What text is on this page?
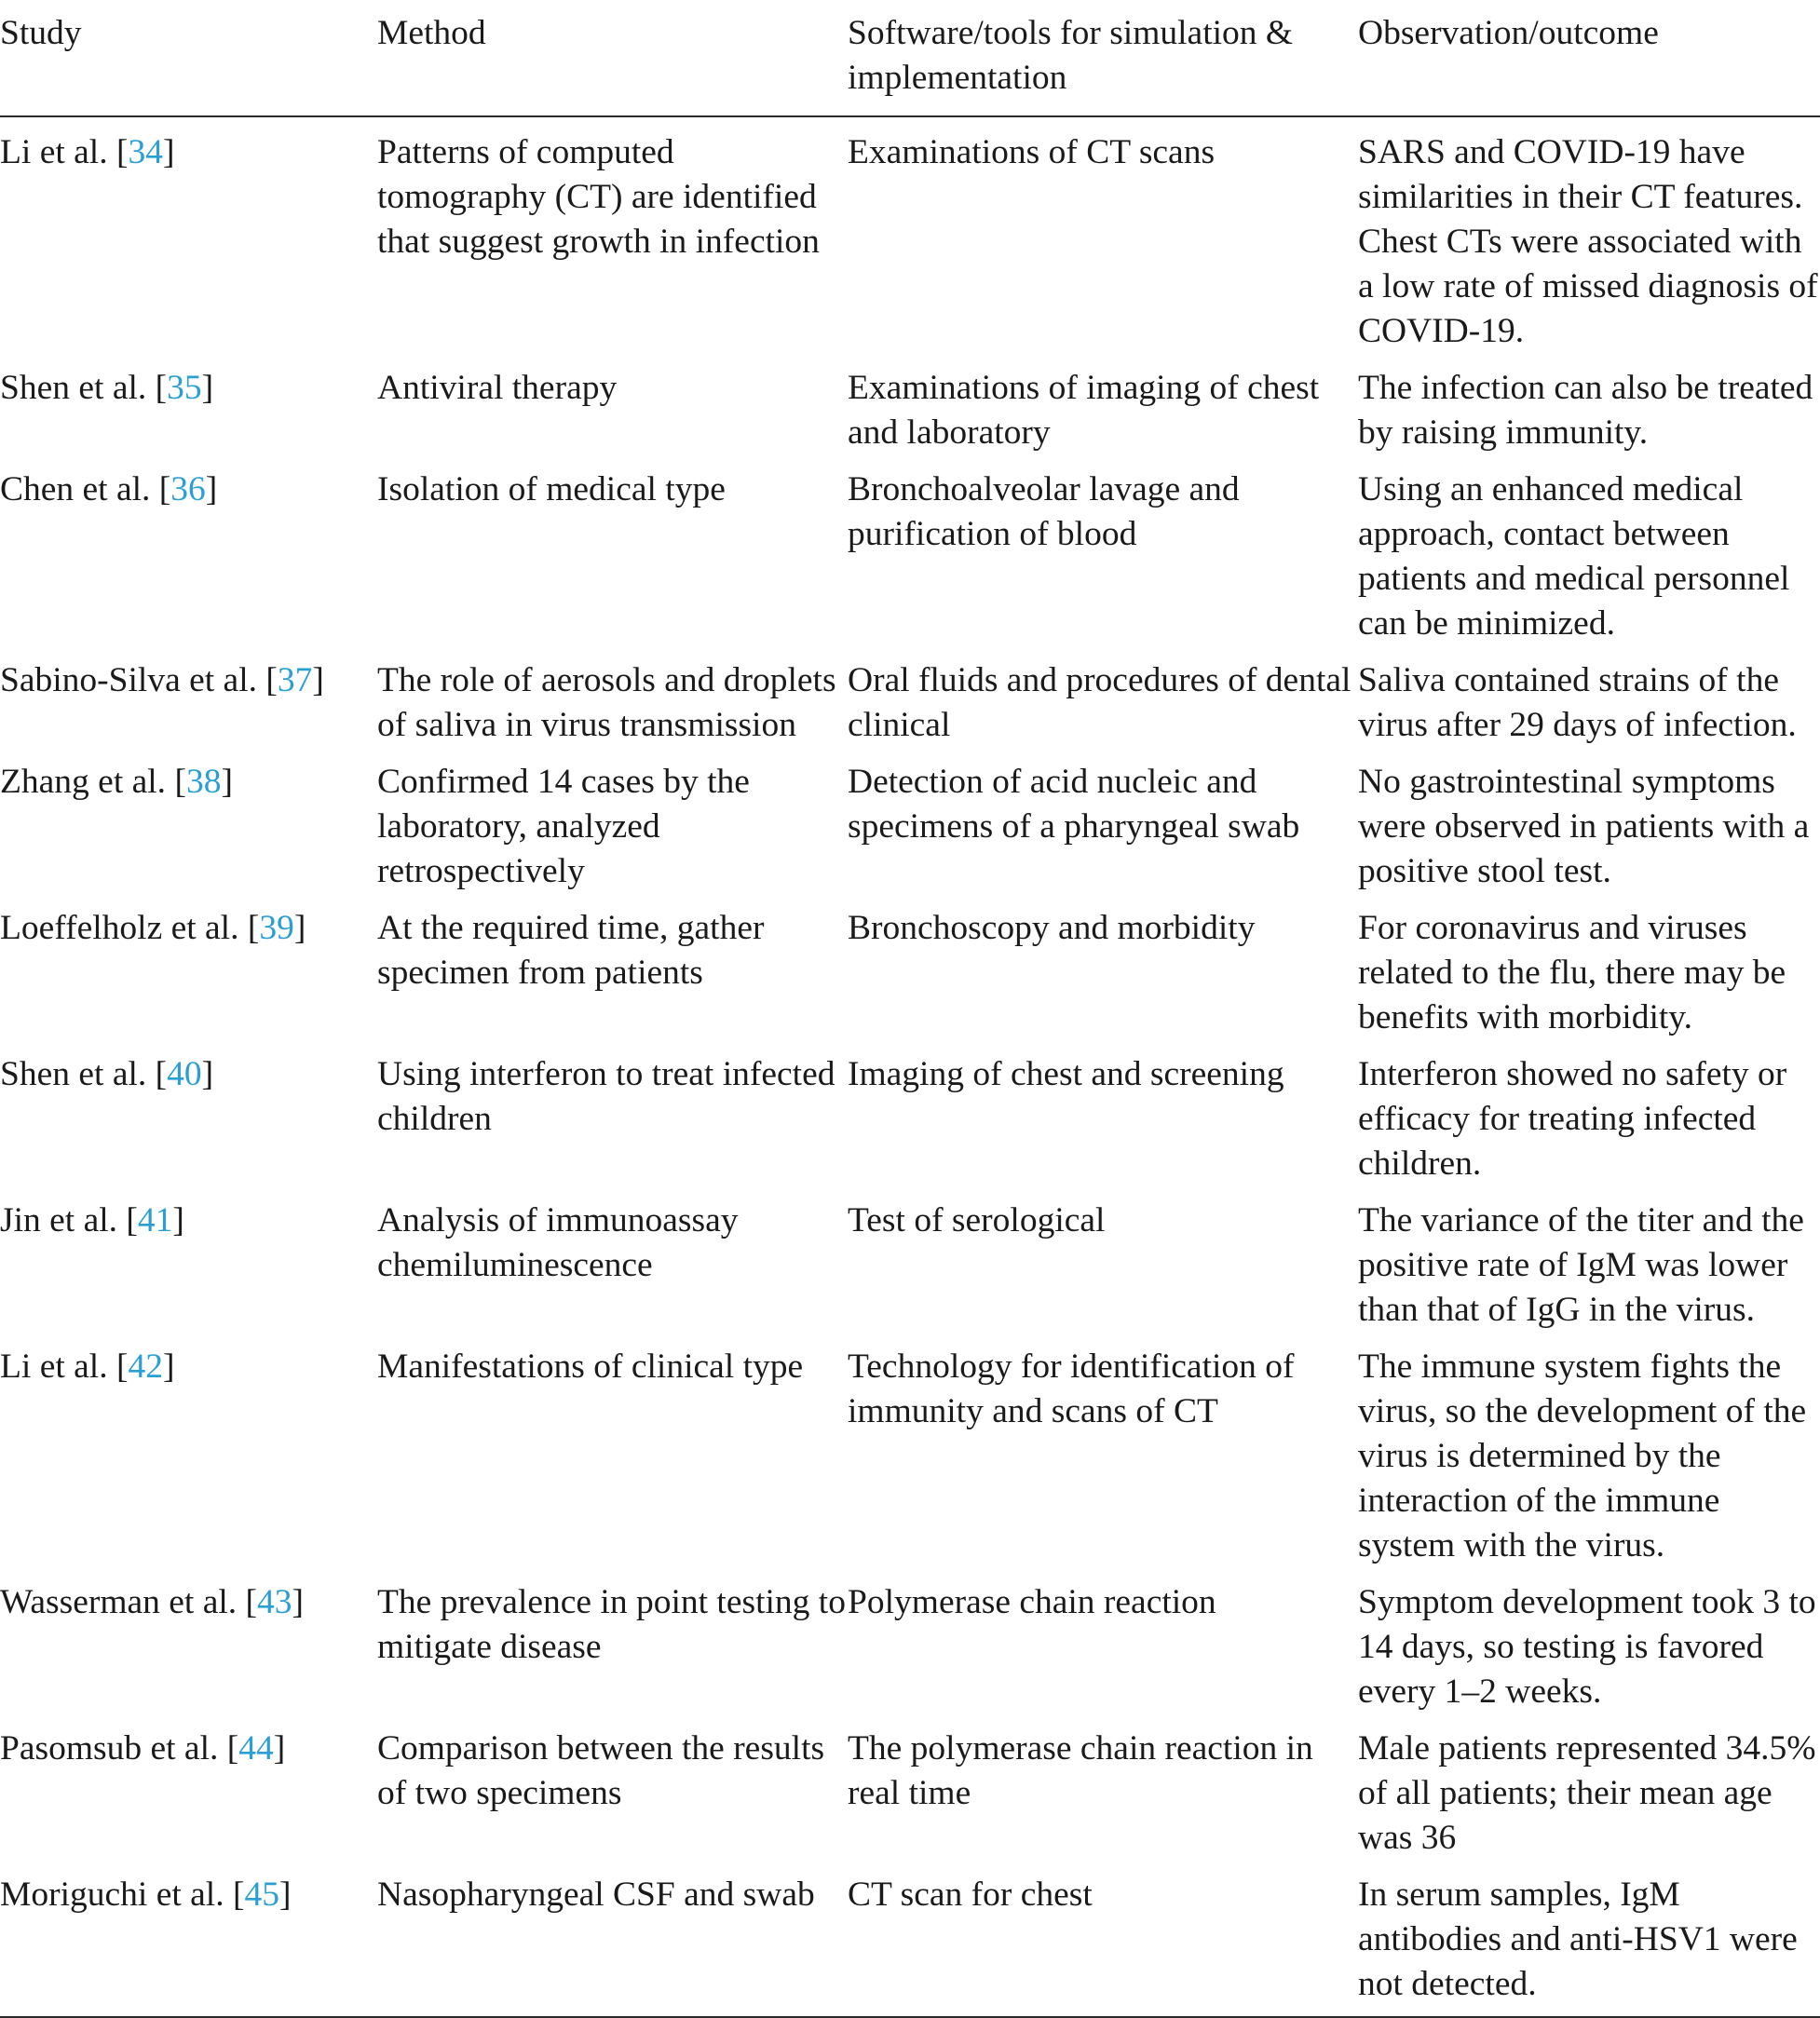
Study	Method	Software/tools for simulation & implementation	Observation/outcome
Li et al. [34]	Patterns of computed tomography (CT) are identified that suggest growth in infection	Examinations of CT scans	SARS and COVID-19 have similarities in their CT features. Chest CTs were associated with a low rate of missed diagnosis of COVID-19.
Shen et al. [35]	Antiviral therapy	Examinations of imaging of chest and laboratory	The infection can also be treated by raising immunity.
Chen et al. [36]	Isolation of medical type	Bronchoalveolar lavage and purification of blood	Using an enhanced medical approach, contact between patients and medical personnel can be minimized.
Sabino-Silva et al. [37]	The role of aerosols and droplets of saliva in virus transmission	Oral fluids and procedures of dental clinical	Saliva contained strains of the virus after 29 days of infection.
Zhang et al. [38]	Confirmed 14 cases by the laboratory, analyzed retrospectively	Detection of acid nucleic and specimens of a pharyngeal swab	No gastrointestinal symptoms were observed in patients with a positive stool test.
Loeffelholz et al. [39]	At the required time, gather specimen from patients	Bronchoscopy and morbidity	For coronavirus and viruses related to the flu, there may be benefits with morbidity.
Shen et al. [40]	Using interferon to treat infected children	Imaging of chest and screening	Interferon showed no safety or efficacy for treating infected children.
Jin et al. [41]	Analysis of immunoassay chemiluminescence	Test of serological	The variance of the titer and the positive rate of IgM was lower than that of IgG in the virus.
Li et al. [42]	Manifestations of clinical type	Technology for identification of immunity and scans of CT	The immune system fights the virus, so the development of the virus is determined by the interaction of the immune system with the virus.
Wasserman et al. [43]	The prevalence in point testing to mitigate disease	Polymerase chain reaction	Symptom development took 3 to 14 days, so testing is favored every 1–2 weeks.
Pasomsub et al. [44]	Comparison between the results of two specimens	The polymerase chain reaction in real time	Male patients represented 34.5% of all patients; their mean age was 36
Moriguchi et al. [45]	Nasopharyngeal CSF and swab	CT scan for chest	In serum samples, IgM antibodies and anti-HSV1 were not detected.
